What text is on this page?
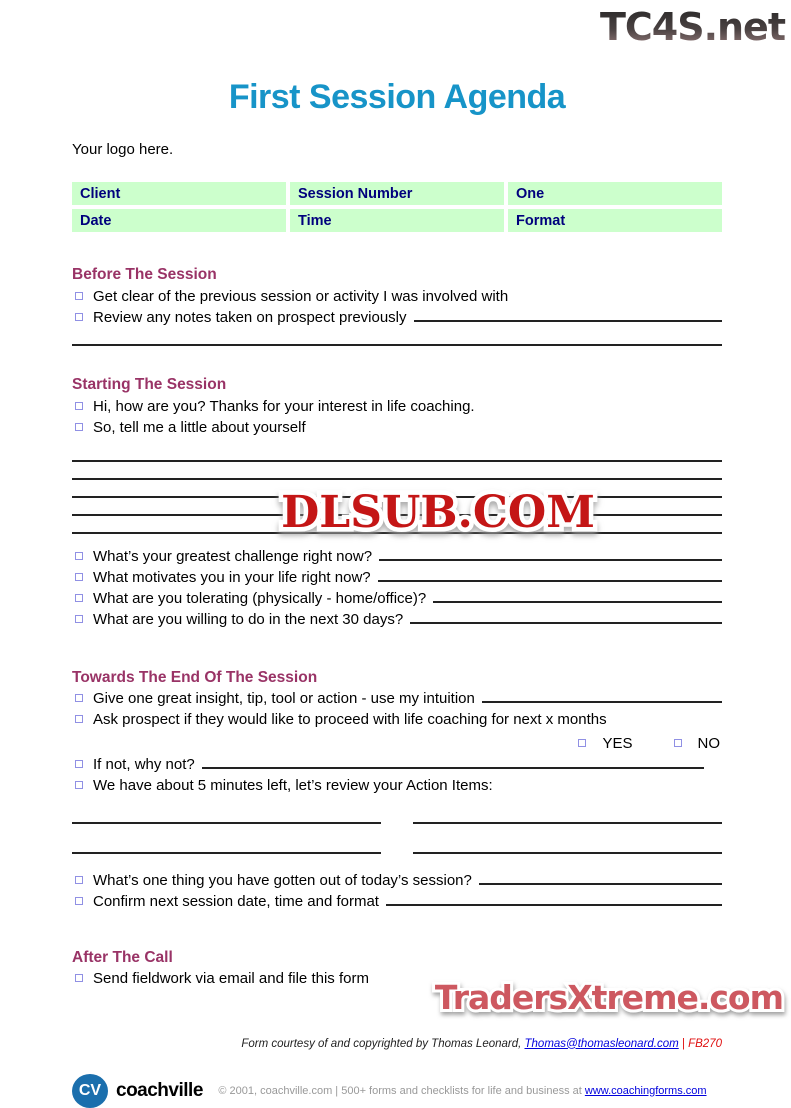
First Session Agenda
Your logo here.
Client	Session Number	One
Date	Time	Format
Before The Session
Get clear of the previous session or activity I was involved with
Review any notes taken on prospect previously
Starting The Session
Hi, how are you? Thanks for your interest in life coaching.
So, tell me a little about yourself
What’s your greatest challenge right now?
What motivates you in your life right now?
What are you tolerating (physically - home/office)?
What are you willing to do in the next 30 days?
Towards The End Of The Session
Give one great insight, tip, tool or action - use my intuition
Ask prospect if they would like to proceed with life coaching for next x months
YES	NO
If not, why not?
We have about 5 minutes left, let’s review your Action Items:
What’s one thing you have gotten out of today’s session?
Confirm next session date, time and format
After The Call
Send fieldwork via email and file this form
Form courtesy of and copyrighted by Thomas Leonard, Thomas@thomasleonard.com | FB270
CV coachville	© 2001, coachville.com | 500+ forms and checklists for life and business at www.coachingforms.com
TC4S.net
DLSUB.COM
TradersXtreme.com
